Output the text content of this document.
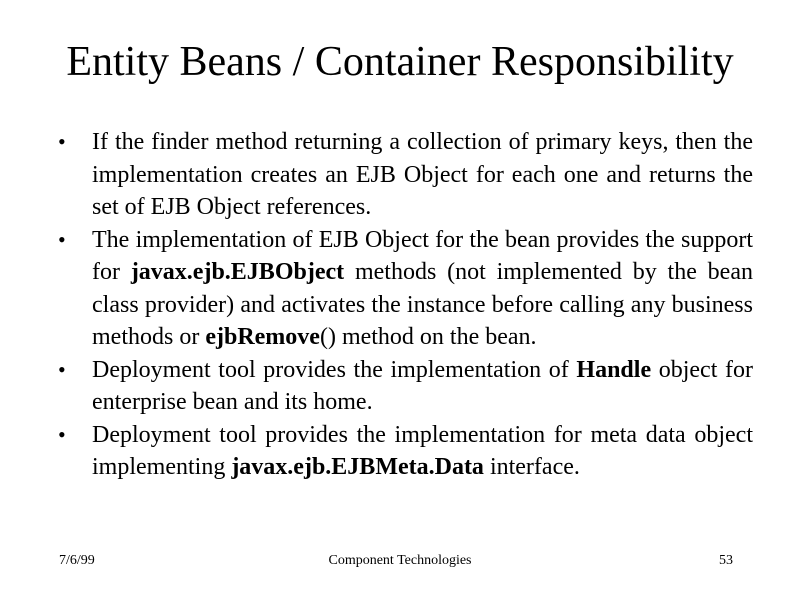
Entity Beans / Container Responsibility
• If the finder method returning a collection of primary keys, then the implementation creates an EJB Object for each one and returns the set of EJB Object references.
• The implementation of EJB Object for the bean provides the support for javax.ejb.EJBObject methods (not implemented by the bean class provider) and activates the instance before calling any business methods or ejbRemove() method on the bean.
• Deployment tool provides the implementation of Handle object for enterprise bean and its home.
• Deployment tool provides the implementation for meta data object implementing javax.ejb.EJBMeta.Data interface.
7/6/99	Component Technologies	53
